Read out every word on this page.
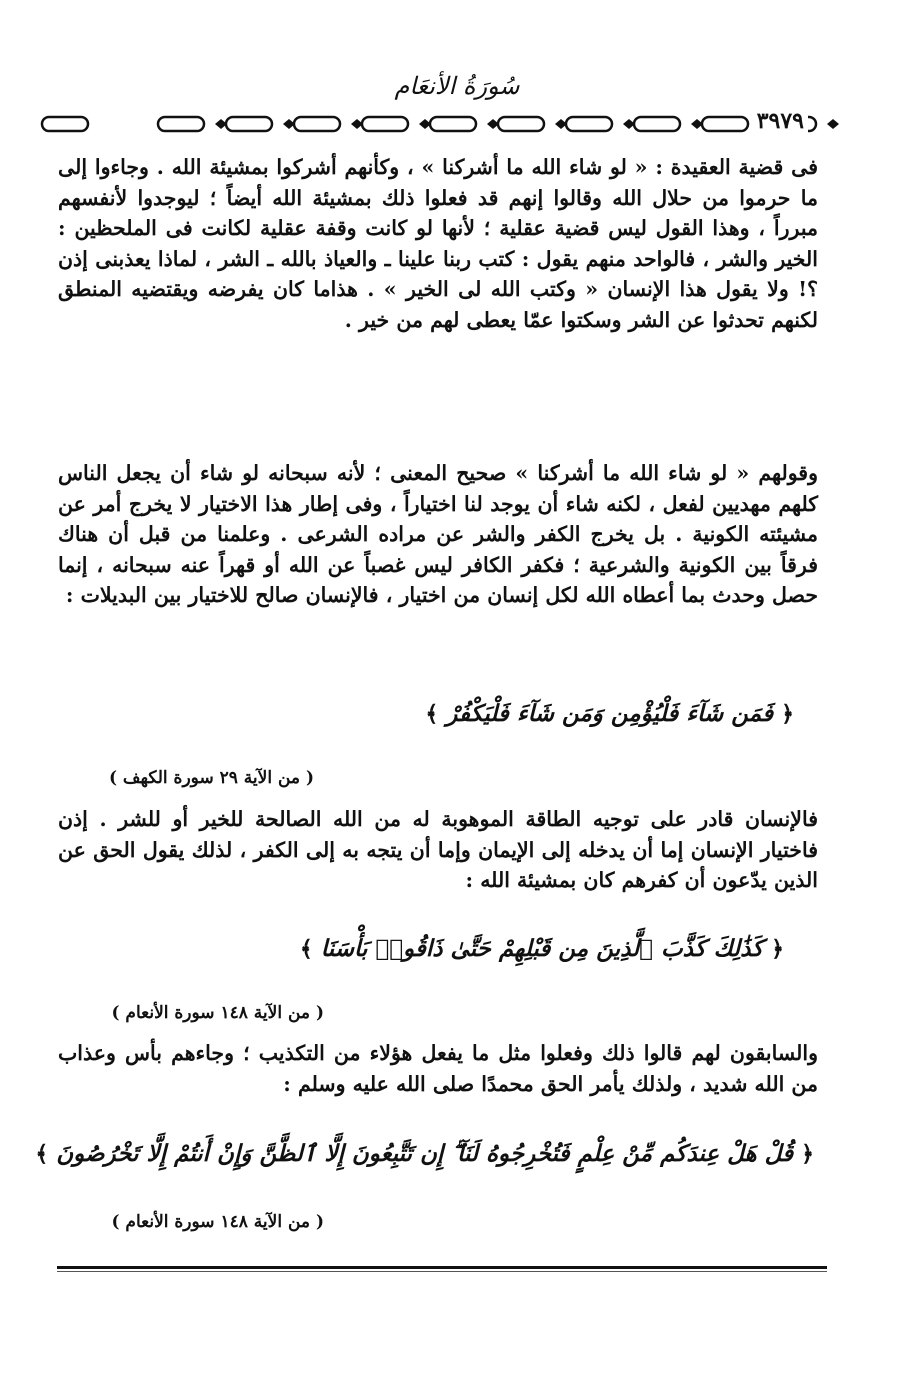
سُورَةُ الأنعَام
٣٩٧٩

فى قضية العقيدة : « لو شاء الله ما أشركنا » ، وكأنهم أشركوا بمشيئة الله . وجاءوا إلى ما حرموا من حلال الله وقالوا إنهم قد فعلوا ذلك بمشيئة الله أيضاً ؛ ليوجدوا لأنفسهم مبرراً ، وهذا القول ليس قضية عقلية ؛ لأنها لو كانت وقفة عقلية لكانت فى الملحظين : الخير والشر ، فالواحد منهم يقول : كتب ربنا علينا ـ والعياذ بالله ـ الشر ، لماذا يعذبنى إذن ؟! ولا يقول هذا الإنسان « وكتب الله لى الخير » . هذاما كان يفرضه ويقتضيه المنطق لكنهم تحدثوا عن الشر وسكتوا عمّا يعطى لهم من خير .

وقولهم « لو شاء الله ما أشركنا » صحيح المعنى ؛ لأنه سبحانه لو شاء أن يجعل الناس كلهم مهديين لفعل ، لكنه شاء أن يوجد لنا اختياراً ، وفى إطار هذا الاختيار لا يخرج أمر عن مشيئته الكونية . بل يخرج الكفر والشر عن مراده الشرعى . وعلمنا من قبل أن هناك فرقاً بين الكونية والشرعية ؛ فكفر الكافر ليس غصباً عن الله أو قهراً عنه سبحانه ، إنما حصل وحدث بما أعطاه الله لكل إنسان من اختيار ، فالإنسان صالح للاختيار بين البديلات :

﴿ فَمَن شَآءَ فَلْيُؤْمِن وَمَن شَآءَ فَلْيَكْفُرْ ﴾
( من الآية ٢٩ سورة الكهف )

فالإنسان قادر على توجيه الطاقة الموهوبة له من الله الصالحة للخير أو للشر . إذن فاختيار الإنسان إما أن يدخله إلى الإيمان وإما أن يتجه به إلى الكفر ، لذلك يقول الحق عن الذين يدّعون أن كفرهم كان بمشيئة الله :

﴿ كَذَٰلِكَ كَذَّبَ ٱلَّذِينَ مِن قَبْلِهِمْ حَتَّىٰ ذَاقُوا۟ بَأْسَنَا ﴾
( من الآية ١٤٨ سورة الأنعام )

والسابقون لهم قالوا ذلك وفعلوا مثل ما يفعل هؤلاء من التكذيب ؛ وجاءهم بأس وعذاب من الله شديد ، ولذلك يأمر الحق محمدًا صلى الله عليه وسلم :

﴿ قُلْ هَلْ عِندَكُم مِّنْ عِلْمٍ فَتُخْرِجُوهُ لَنَآ ۖ إِن تَتَّبِعُونَ إِلَّا ٱلظَّنَّ وَإِنْ أَنتُمْ إِلَّا تَخْرُصُونَ ﴾
( من الآية ١٤٨ سورة الأنعام )
